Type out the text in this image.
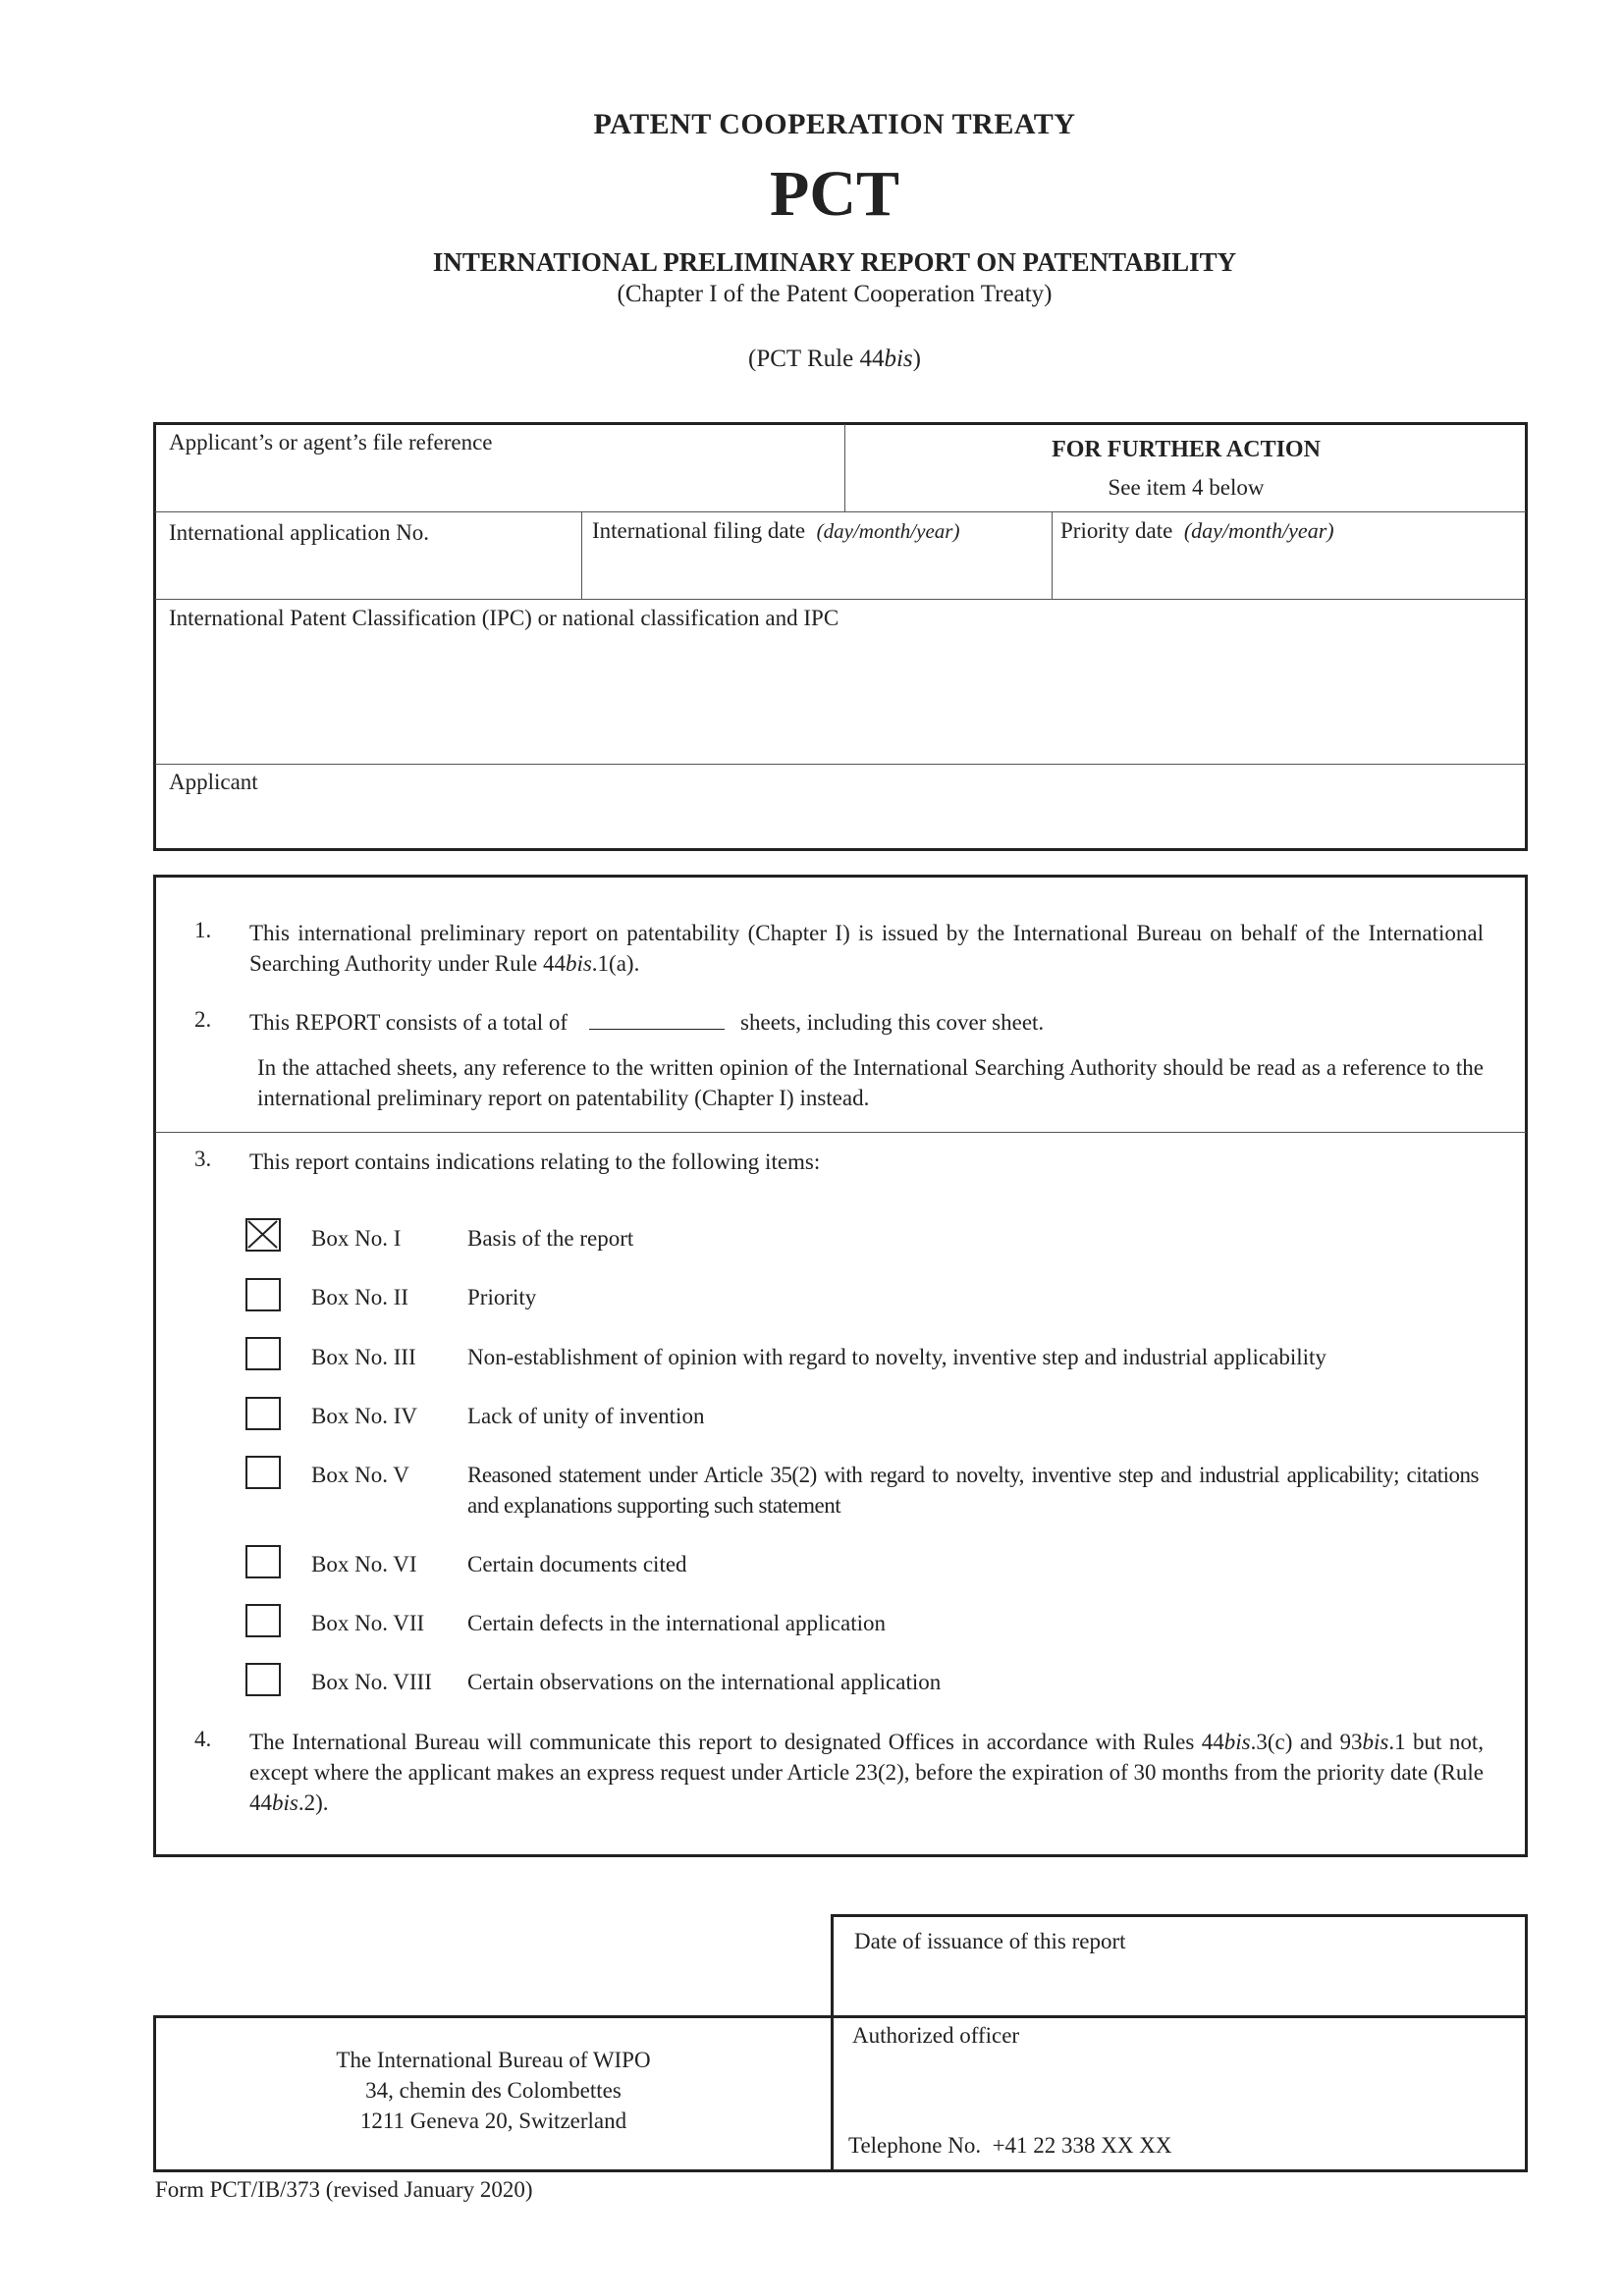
PATENT COOPERATION TREATY
PCT
INTERNATIONAL PRELIMINARY REPORT ON PATENTABILITY
(Chapter I of the Patent Cooperation Treaty)
(PCT Rule 44bis)
Applicant’s or agent’s file reference	FOR FURTHER ACTION
See item 4 below
International application No.	International filing date (day/month/year)	Priority date (day/month/year)
International Patent Classification (IPC) or national classification and IPC
Applicant
1. This international preliminary report on patentability (Chapter I) is issued by the International Bureau on behalf of the International Searching Authority under Rule 44bis.1(a).
2. This REPORT consists of a total of	sheets, including this cover sheet.
In the attached sheets, any reference to the written opinion of the International Searching Authority should be read as a reference to the international preliminary report on patentability (Chapter I) instead.
3. This report contains indications relating to the following items:
Box No. I	Basis of the report
Box No. II	Priority
Box No. III Non-establishment of opinion with regard to novelty, inventive step and industrial applicability
Box No. IV Lack of unity of invention
Box No. V	Reasoned statement under Article 35(2) with regard to novelty, inventive step and industrial applicability; citations and explanations supporting such statement
Box No. VI Certain documents cited
Box No. VII Certain defects in the international application
Box No. VIII Certain observations on the international application
4. The International Bureau will communicate this report to designated Offices in accordance with Rules 44bis.3(c) and 93bis.1 but not, except where the applicant makes an express request under Article 23(2), before the expiration of 30 months from the priority date (Rule 44bis.2).
Date of issuance of this report
The International Bureau of WIPO
34, chemin des Colombettes
1211 Geneva 20, Switzerland
Authorized officer
Telephone No. +41 22 338 XX XX
Form PCT/IB/373 (revised January 2020)
